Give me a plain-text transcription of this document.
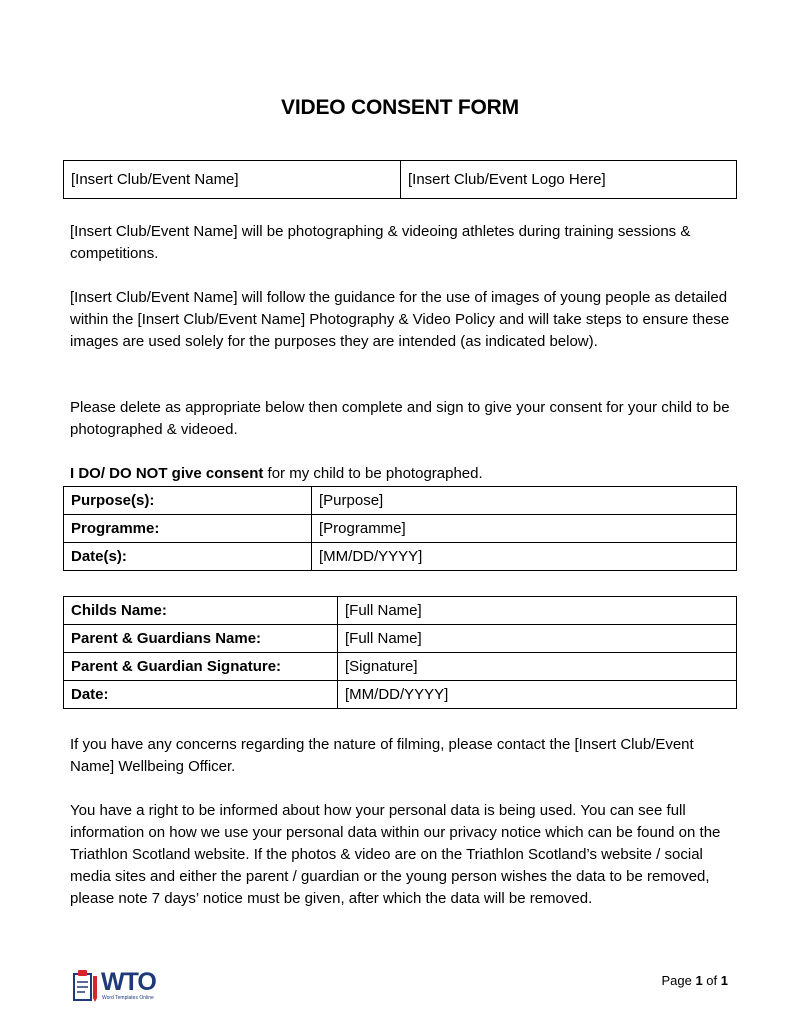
VIDEO CONSENT FORM
[Insert Club/Event Name]	[Insert Club/Event Logo Here]

[Insert Club/Event Name] will be photographing & videoing athletes during training sessions & competitions.

[Insert Club/Event Name] will follow the guidance for the use of images of young people as detailed within the [Insert Club/Event Name] Photography & Video Policy and will take steps to ensure these images are used solely for the purposes they are intended (as indicated below).

Please delete as appropriate below then complete and sign to give your consent for your child to be photographed & videoed.

I DO/ DO NOT give consent for my child to be photographed.

Purpose(s):	[Purpose]
Programme:	[Programme]
Date(s):	[MM/DD/YYYY]
Childs Name:	[Full Name]
Parent & Guardians Name:	[Full Name]
Parent & Guardian Signature:	[Signature]
Date:	[MM/DD/YYYY]

If you have any concerns regarding the nature of filming, please contact the [Insert Club/Event Name] Wellbeing Officer.

You have a right to be informed about how your personal data is being used. You can see full information on how we use your personal data within our privacy notice which can be found on the Triathlon Scotland website. If the photos & video are on the Triathlon Scotland’s website / social media sites and either the parent / guardian or the young person wishes the data to be removed, please note 7 days’ notice must be given, after which the data will be removed.

WTO
Word Templates Online
Page 1 of 1
